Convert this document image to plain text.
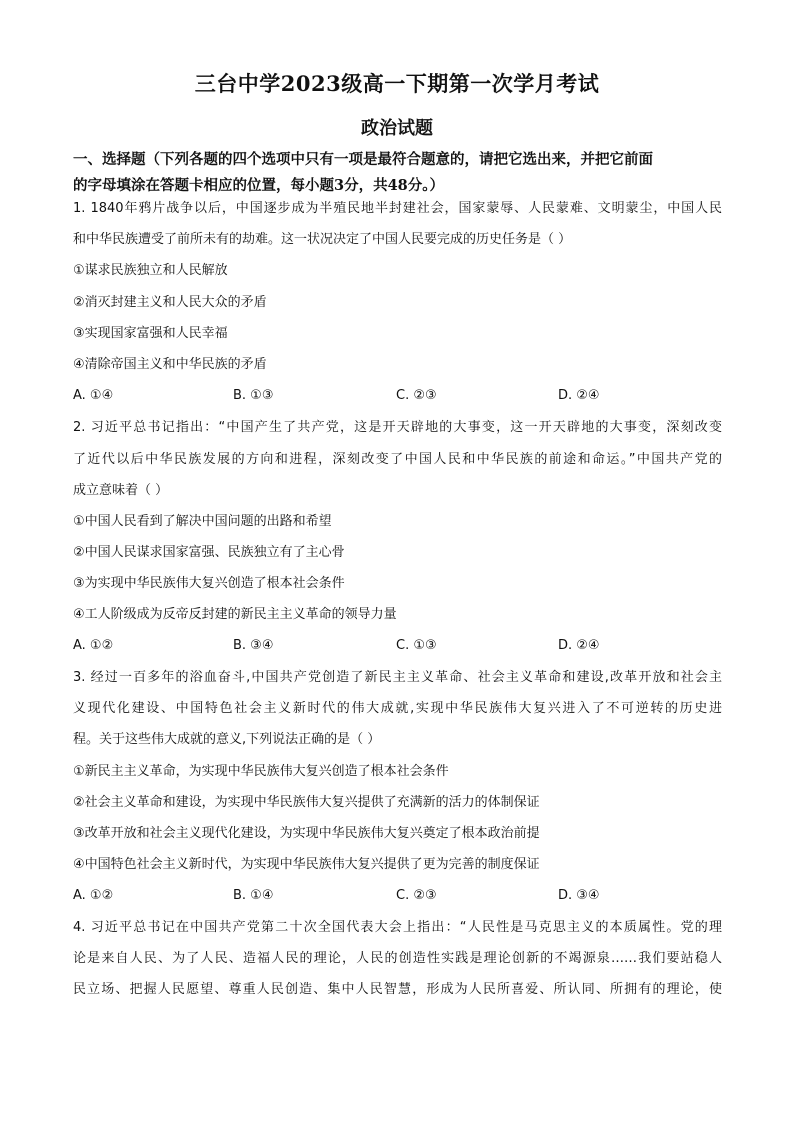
三台中学2023级高一下期第一次学月考试
政治试题
一、选择题（下列各题的四个选项中只有一项是最符合题意的，请把它选出来，并把它前面
的字母填涂在答题卡相应的位置，每小题3分，共48分。）
1. 1840年鸦片战争以后，中国逐步成为半殖民地半封建社会，国家蒙辱、人民蒙难、文明蒙尘，中国人民
和中华民族遭受了前所未有的劫难。这一状况决定了中国人民要完成的历史任务是（ ）
①谋求民族独立和人民解放
②消灭封建主义和人民大众的矛盾
③实现国家富强和人民幸福
④清除帝国主义和中华民族的矛盾
A. ①④	B. ①③	C. ②③	D. ②④
2. 习近平总书记指出：“中国产生了共产党，这是开天辟地的大事变，这一开天辟地的大事变，深刻改变
了近代以后中华民族发展的方向和进程，深刻改变了中国人民和中华民族的前途和命运。”中国共产党的
成立意味着（ ）
①中国人民看到了解决中国问题的出路和希望
②中国人民谋求国家富强、民族独立有了主心骨
③为实现中华民族伟大复兴创造了根本社会条件
④工人阶级成为反帝反封建的新民主主义革命的领导力量
A. ①②	B. ③④	C. ①③	D. ②④
3. 经过一百多年的浴血奋斗,中国共产党创造了新民主主义革命、社会主义革命和建设,改革开放和社会主
义现代化建设、中国特色社会主义新时代的伟大成就,实现中华民族伟大复兴进入了不可逆转的历史进
程。关于这些伟大成就的意义,下列说法正确的是（ ）
①新民主主义革命，为实现中华民族伟大复兴创造了根本社会条件
②社会主义革命和建设，为实现中华民族伟大复兴提供了充满新的活力的体制保证
③改革开放和社会主义现代化建设，为实现中华民族伟大复兴奠定了根本政治前提
④中国特色社会主义新时代，为实现中华民族伟大复兴提供了更为完善的制度保证
A. ①②	B. ①④	C. ②③	D. ③④
4. 习近平总书记在中国共产党第二十次全国代表大会上指出：“人民性是马克思主义的本质属性。党的理
论是来自人民、为了人民、造福人民的理论，人民的创造性实践是理论创新的不竭源泉……我们要站稳人
民立场、把握人民愿望、尊重人民创造、集中人民智慧，形成为人民所喜爱、所认同、所拥有的理论，使
